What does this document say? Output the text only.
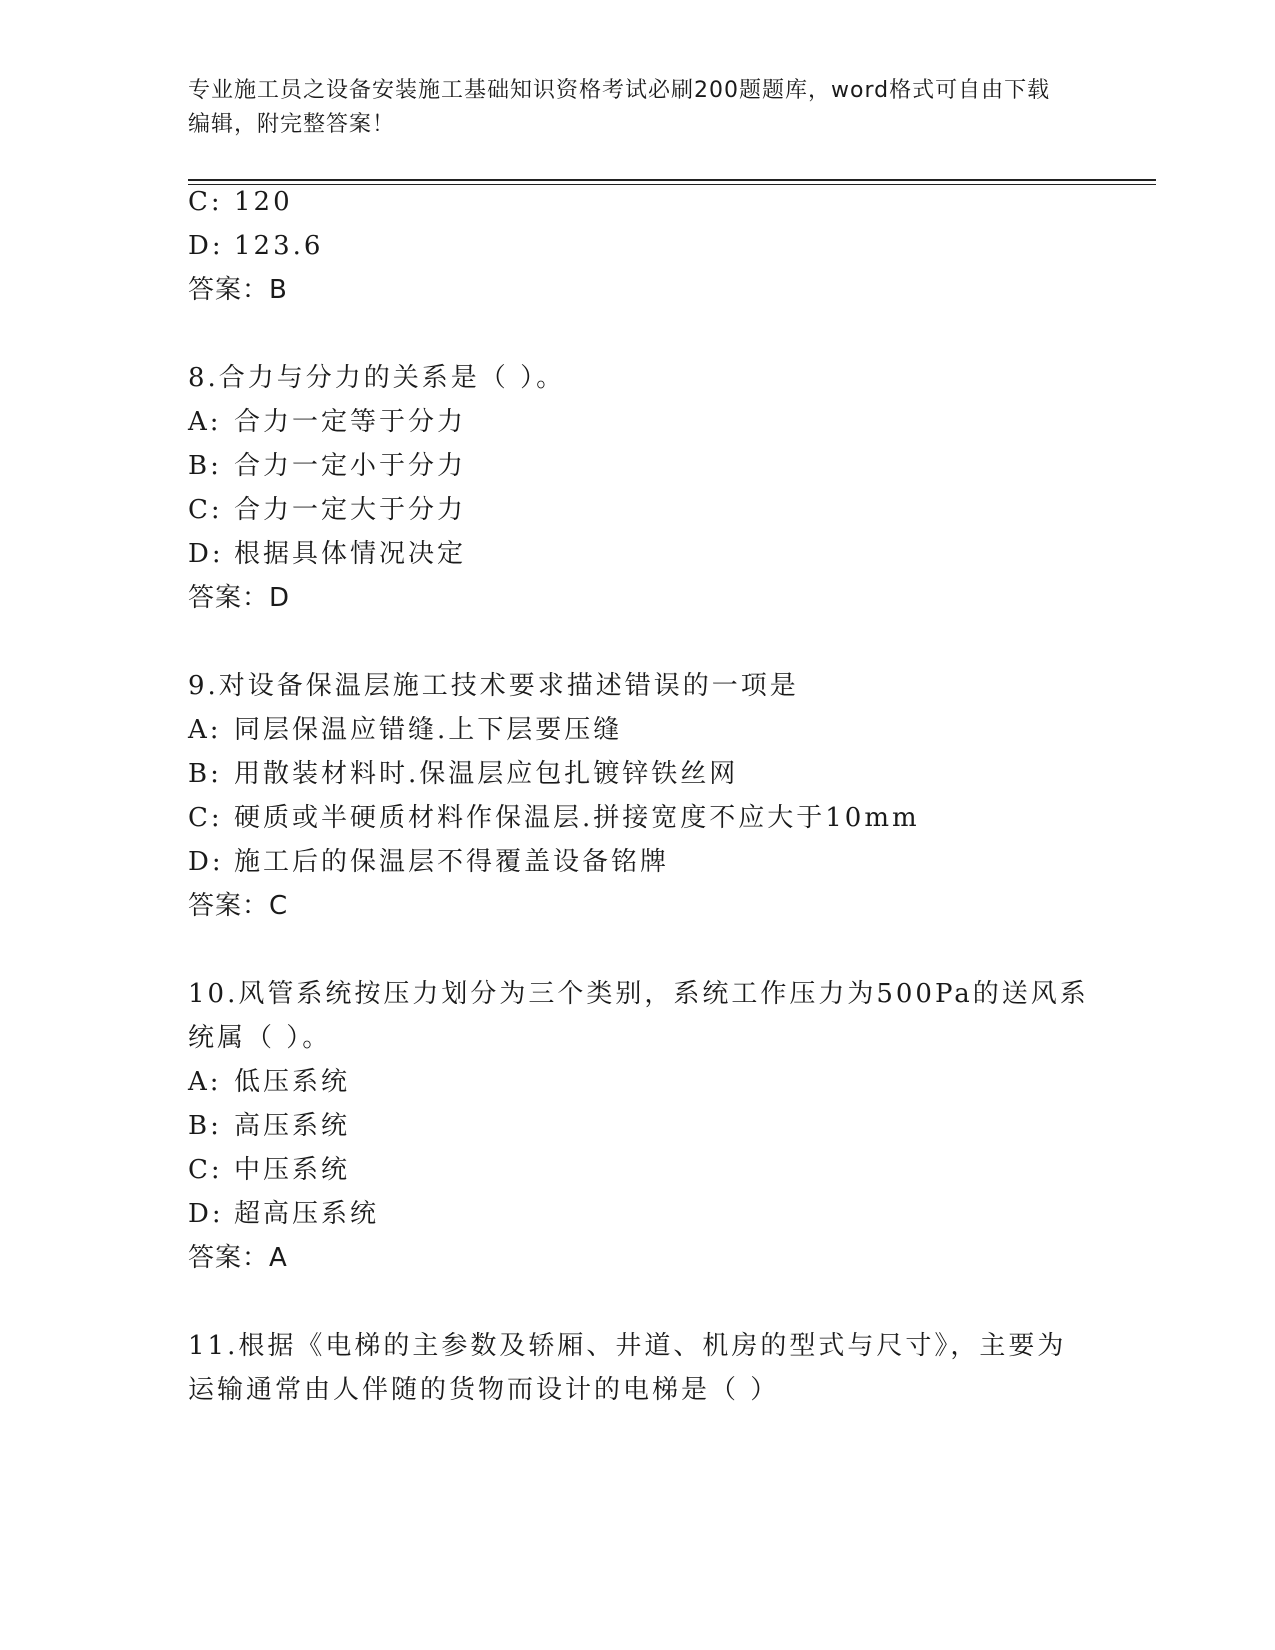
专业施工员之设备安装施工基础知识资格考试必刷200题题库，word格式可自由下载编辑，附完整答案！
C: 120
D: 123.6
答案：B
8.合力与分力的关系是（ ）。
A: 合力一定等于分力
B: 合力一定小于分力
C: 合力一定大于分力
D: 根据具体情况决定
答案：D
9.对设备保温层施工技术要求描述错误的一项是
A: 同层保温应错缝.上下层要压缝
B: 用散装材料时.保温层应包扎镀锌铁丝网
C: 硬质或半硬质材料作保温层.拼接宽度不应大于10mm
D: 施工后的保温层不得覆盖设备铭牌
答案：C
10.风管系统按压力划分为三个类别，系统工作压力为500Pa的送风系
统属（ ）。
A: 低压系统
B: 高压系统
C: 中压系统
D: 超高压系统
答案：A
11.根据《电梯的主参数及轿厢、井道、机房的型式与尺寸》，主要为
运输通常由人伴随的货物而设计的电梯是（ ）
